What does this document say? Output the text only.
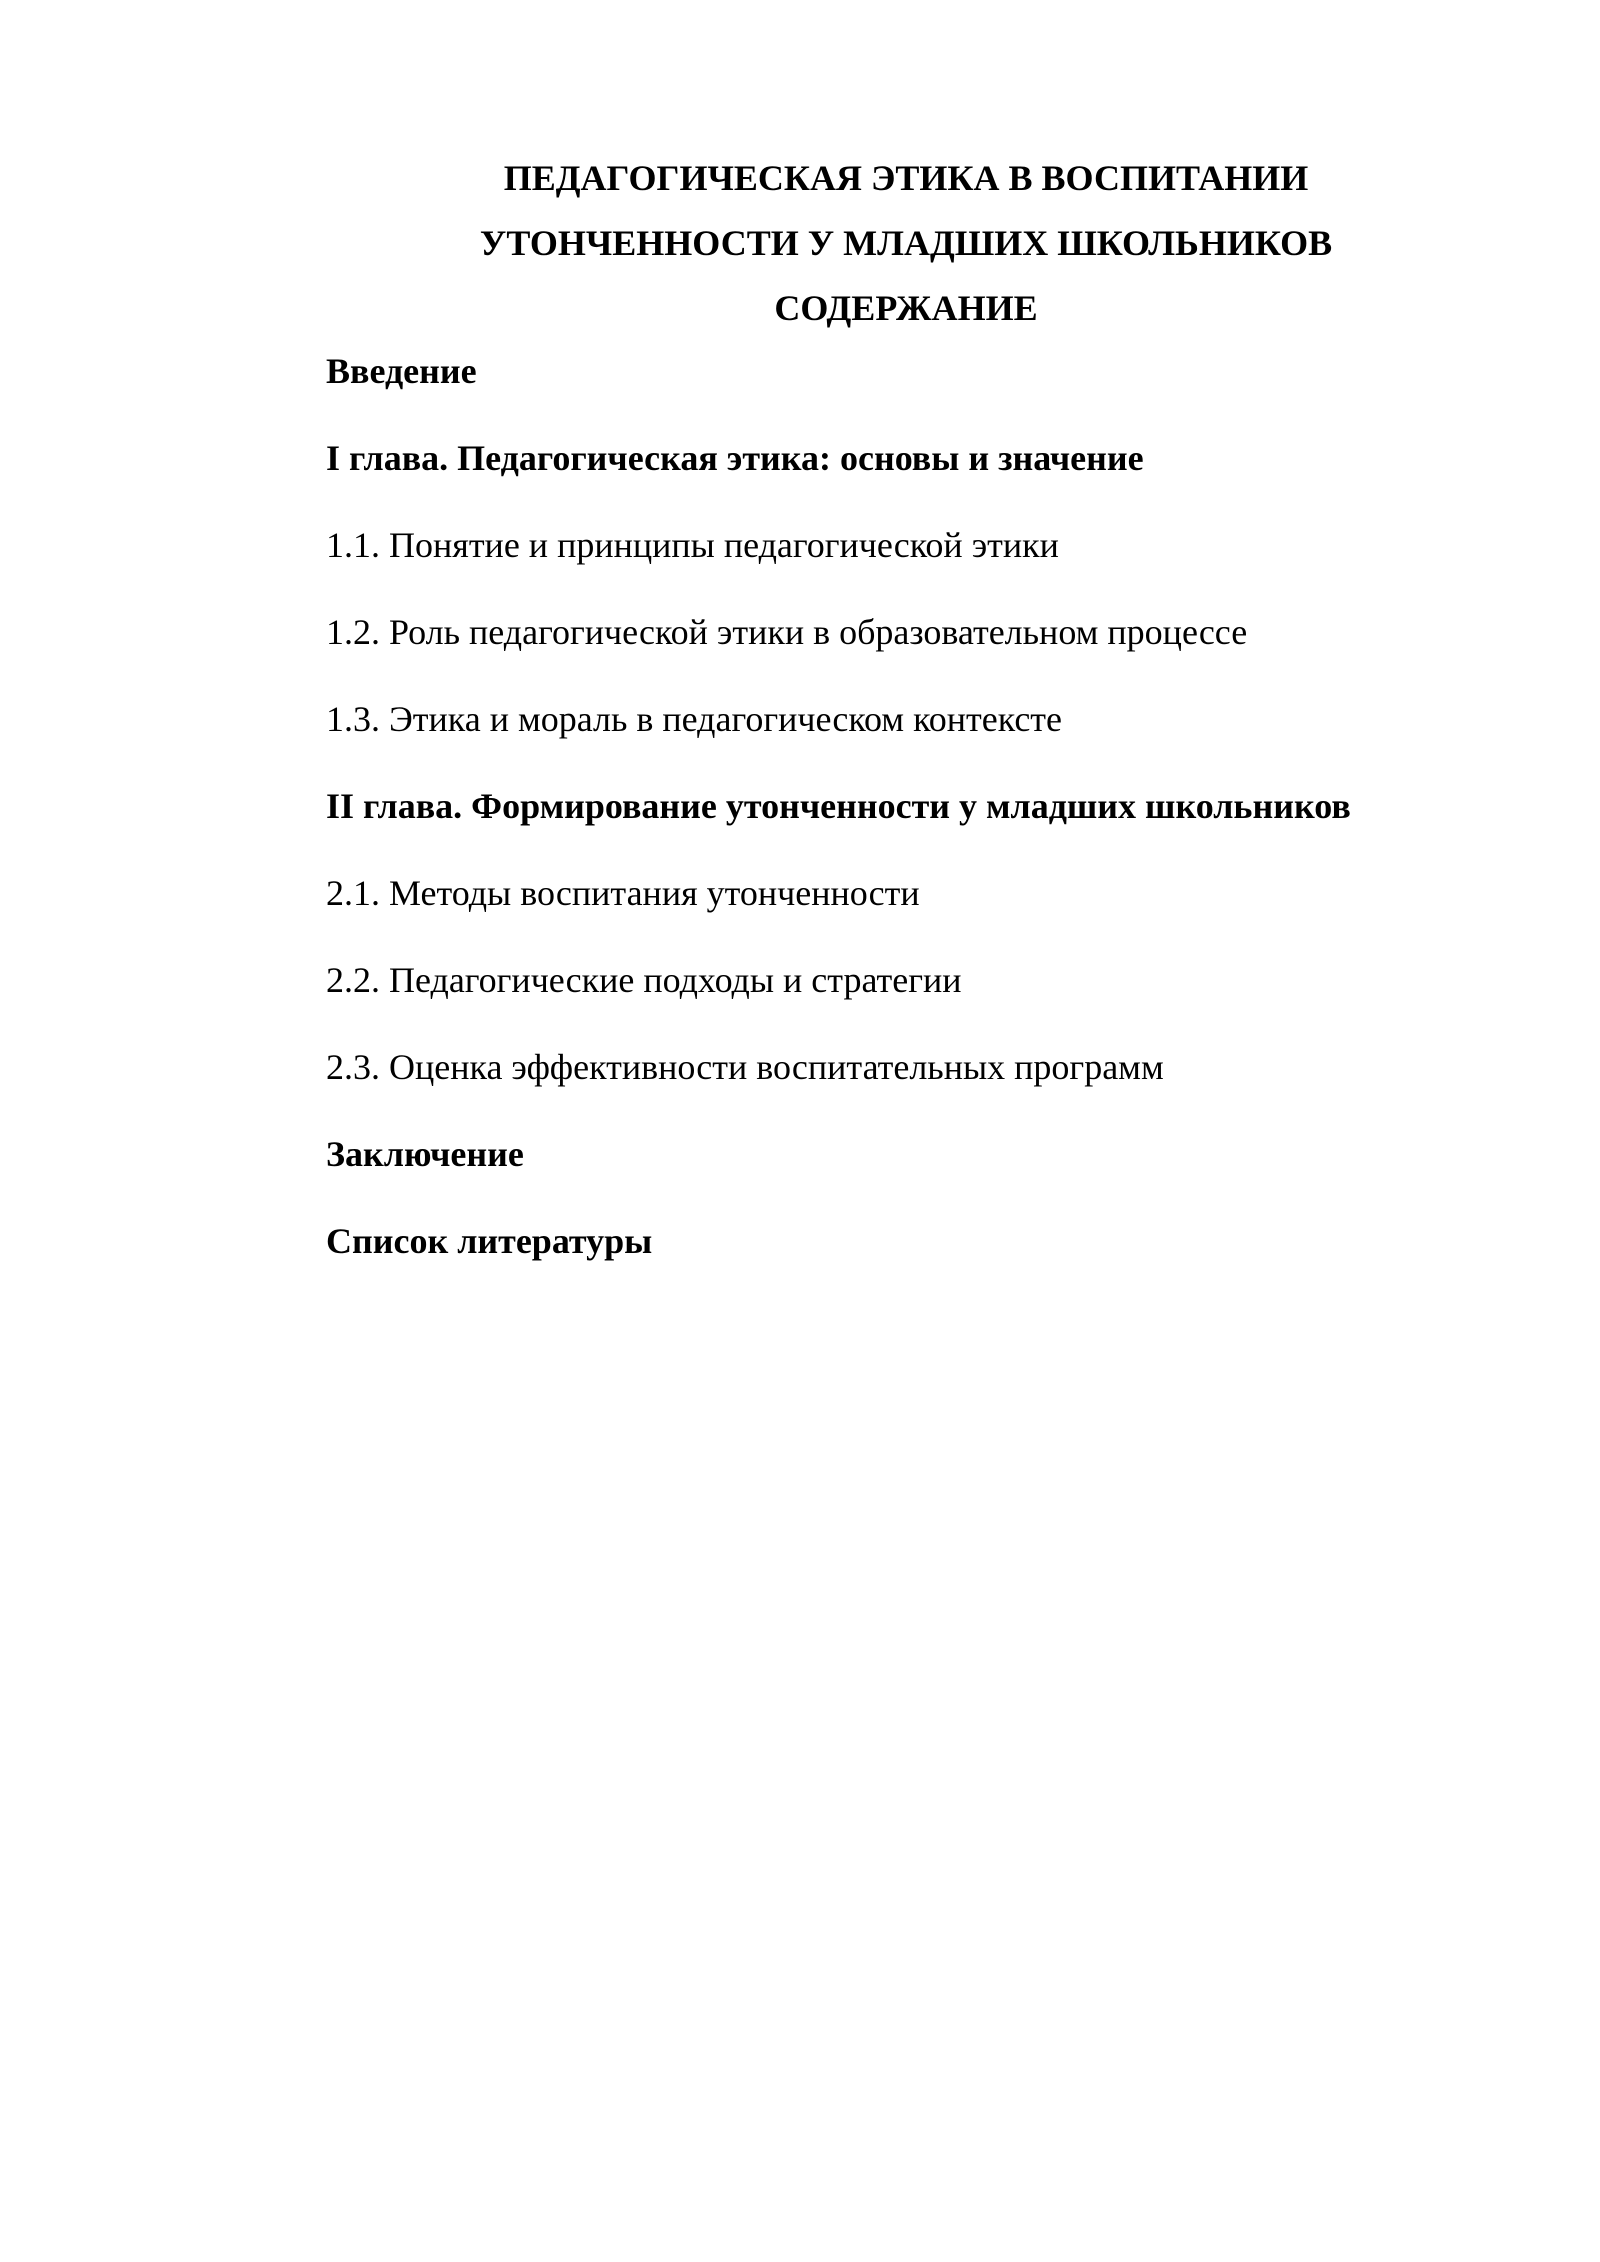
ПЕДАГОГИЧЕСКАЯ ЭТИКА В ВОСПИТАНИИ
УТОНЧЕННОСТИ У МЛАДШИХ ШКОЛЬНИКОВ
СОДЕРЖАНИЕ
Введение
I глава. Педагогическая этика: основы и значение
1.1. Понятие и принципы педагогической этики
1.2. Роль педагогической этики в образовательном процессе
1.3. Этика и мораль в педагогическом контексте
II глава. Формирование утонченности у младших школьников
2.1. Методы воспитания утонченности
2.2. Педагогические подходы и стратегии
2.3. Оценка эффективности воспитательных программ
Заключение
Список литературы
